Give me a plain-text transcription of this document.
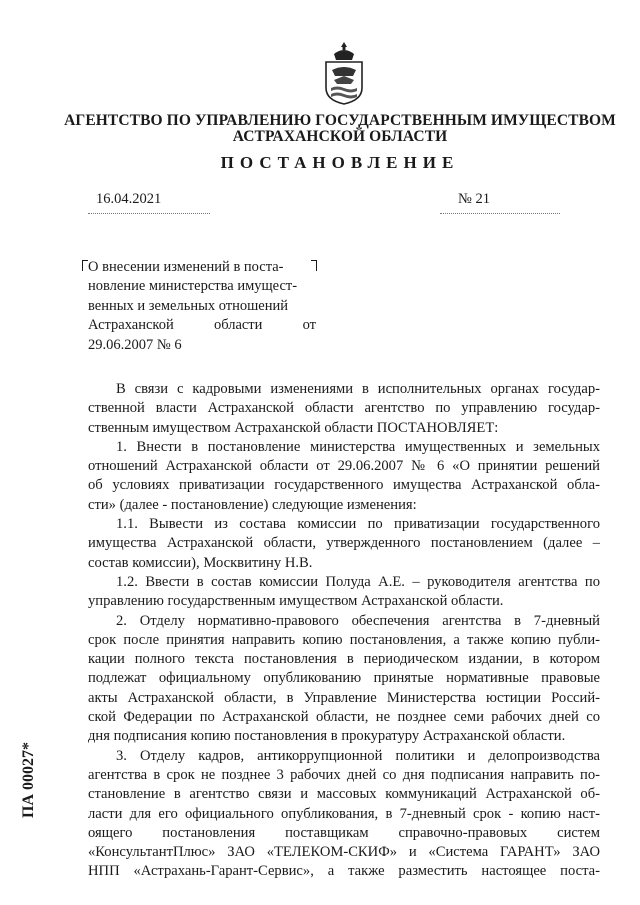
АГЕНТСТВО ПО УПРАВЛЕНИЮ ГОСУДАРСТВЕННЫМ ИМУЩЕСТВОМ
АСТРАХАНСКОЙ ОБЛАСТИ
ПОСТАНОВЛЕНИЕ
16.04.2021	№ 21
О внесении изменений в поста-
новление министерства имущест-
венных и земельных отношений
Астраханской	области	от
29.06.2007 № 6
В связи с кадровыми изменениями в исполнительных органах государ-
ственной власти Астраханской области агентство по управлению государ-
ственным имуществом Астраханской области ПОСТАНОВЛЯЕТ:
1. Внести в постановление министерства имущественных и земельных
отношений Астраханской области от 29.06.2007 № 6 «О принятии решений
об условиях приватизации государственного имущества Астраханской обла-
сти» (далее - постановление) следующие изменения:
1.1. Вывести из состава комиссии по приватизации государственного
имущества Астраханской области, утвержденного постановлением (далее –
состав комиссии), Москвитину Н.В.
1.2. Ввести в состав комиссии Полуда А.Е. – руководителя агентства по
управлению государственным имуществом Астраханской области.
2. Отделу нормативно-правового обеспечения агентства в 7-дневный
срок после принятия направить копию постановления, а также копию публи-
кации полного текста постановления в периодическом издании, в котором
подлежат официальному опубликованию принятые нормативные правовые
акты Астраханской области, в Управление Министерства юстиции Россий-
ской Федерации по Астраханской области, не позднее семи рабочих дней со
дня подписания копию постановления в прокуратуру Астраханской области.
3. Отделу кадров, антикоррупционной политики и делопроизводства
агентства в срок не позднее 3 рабочих дней со дня подписания направить по-
становление в агентство связи и массовых коммуникаций Астраханской об-
ласти для его официального опубликования, в 7-дневный срок - копию наст-
оящего постановления поставщикам справочно-правовых систем
«КонсультантПлюс» ЗАО «ТЕЛЕКОМ-СКИФ» и «Система ГАРАНТ» ЗАО
НПП «Астрахань-Гарант-Сервис», а также разместить настоящее поста-
ПА 00027*
